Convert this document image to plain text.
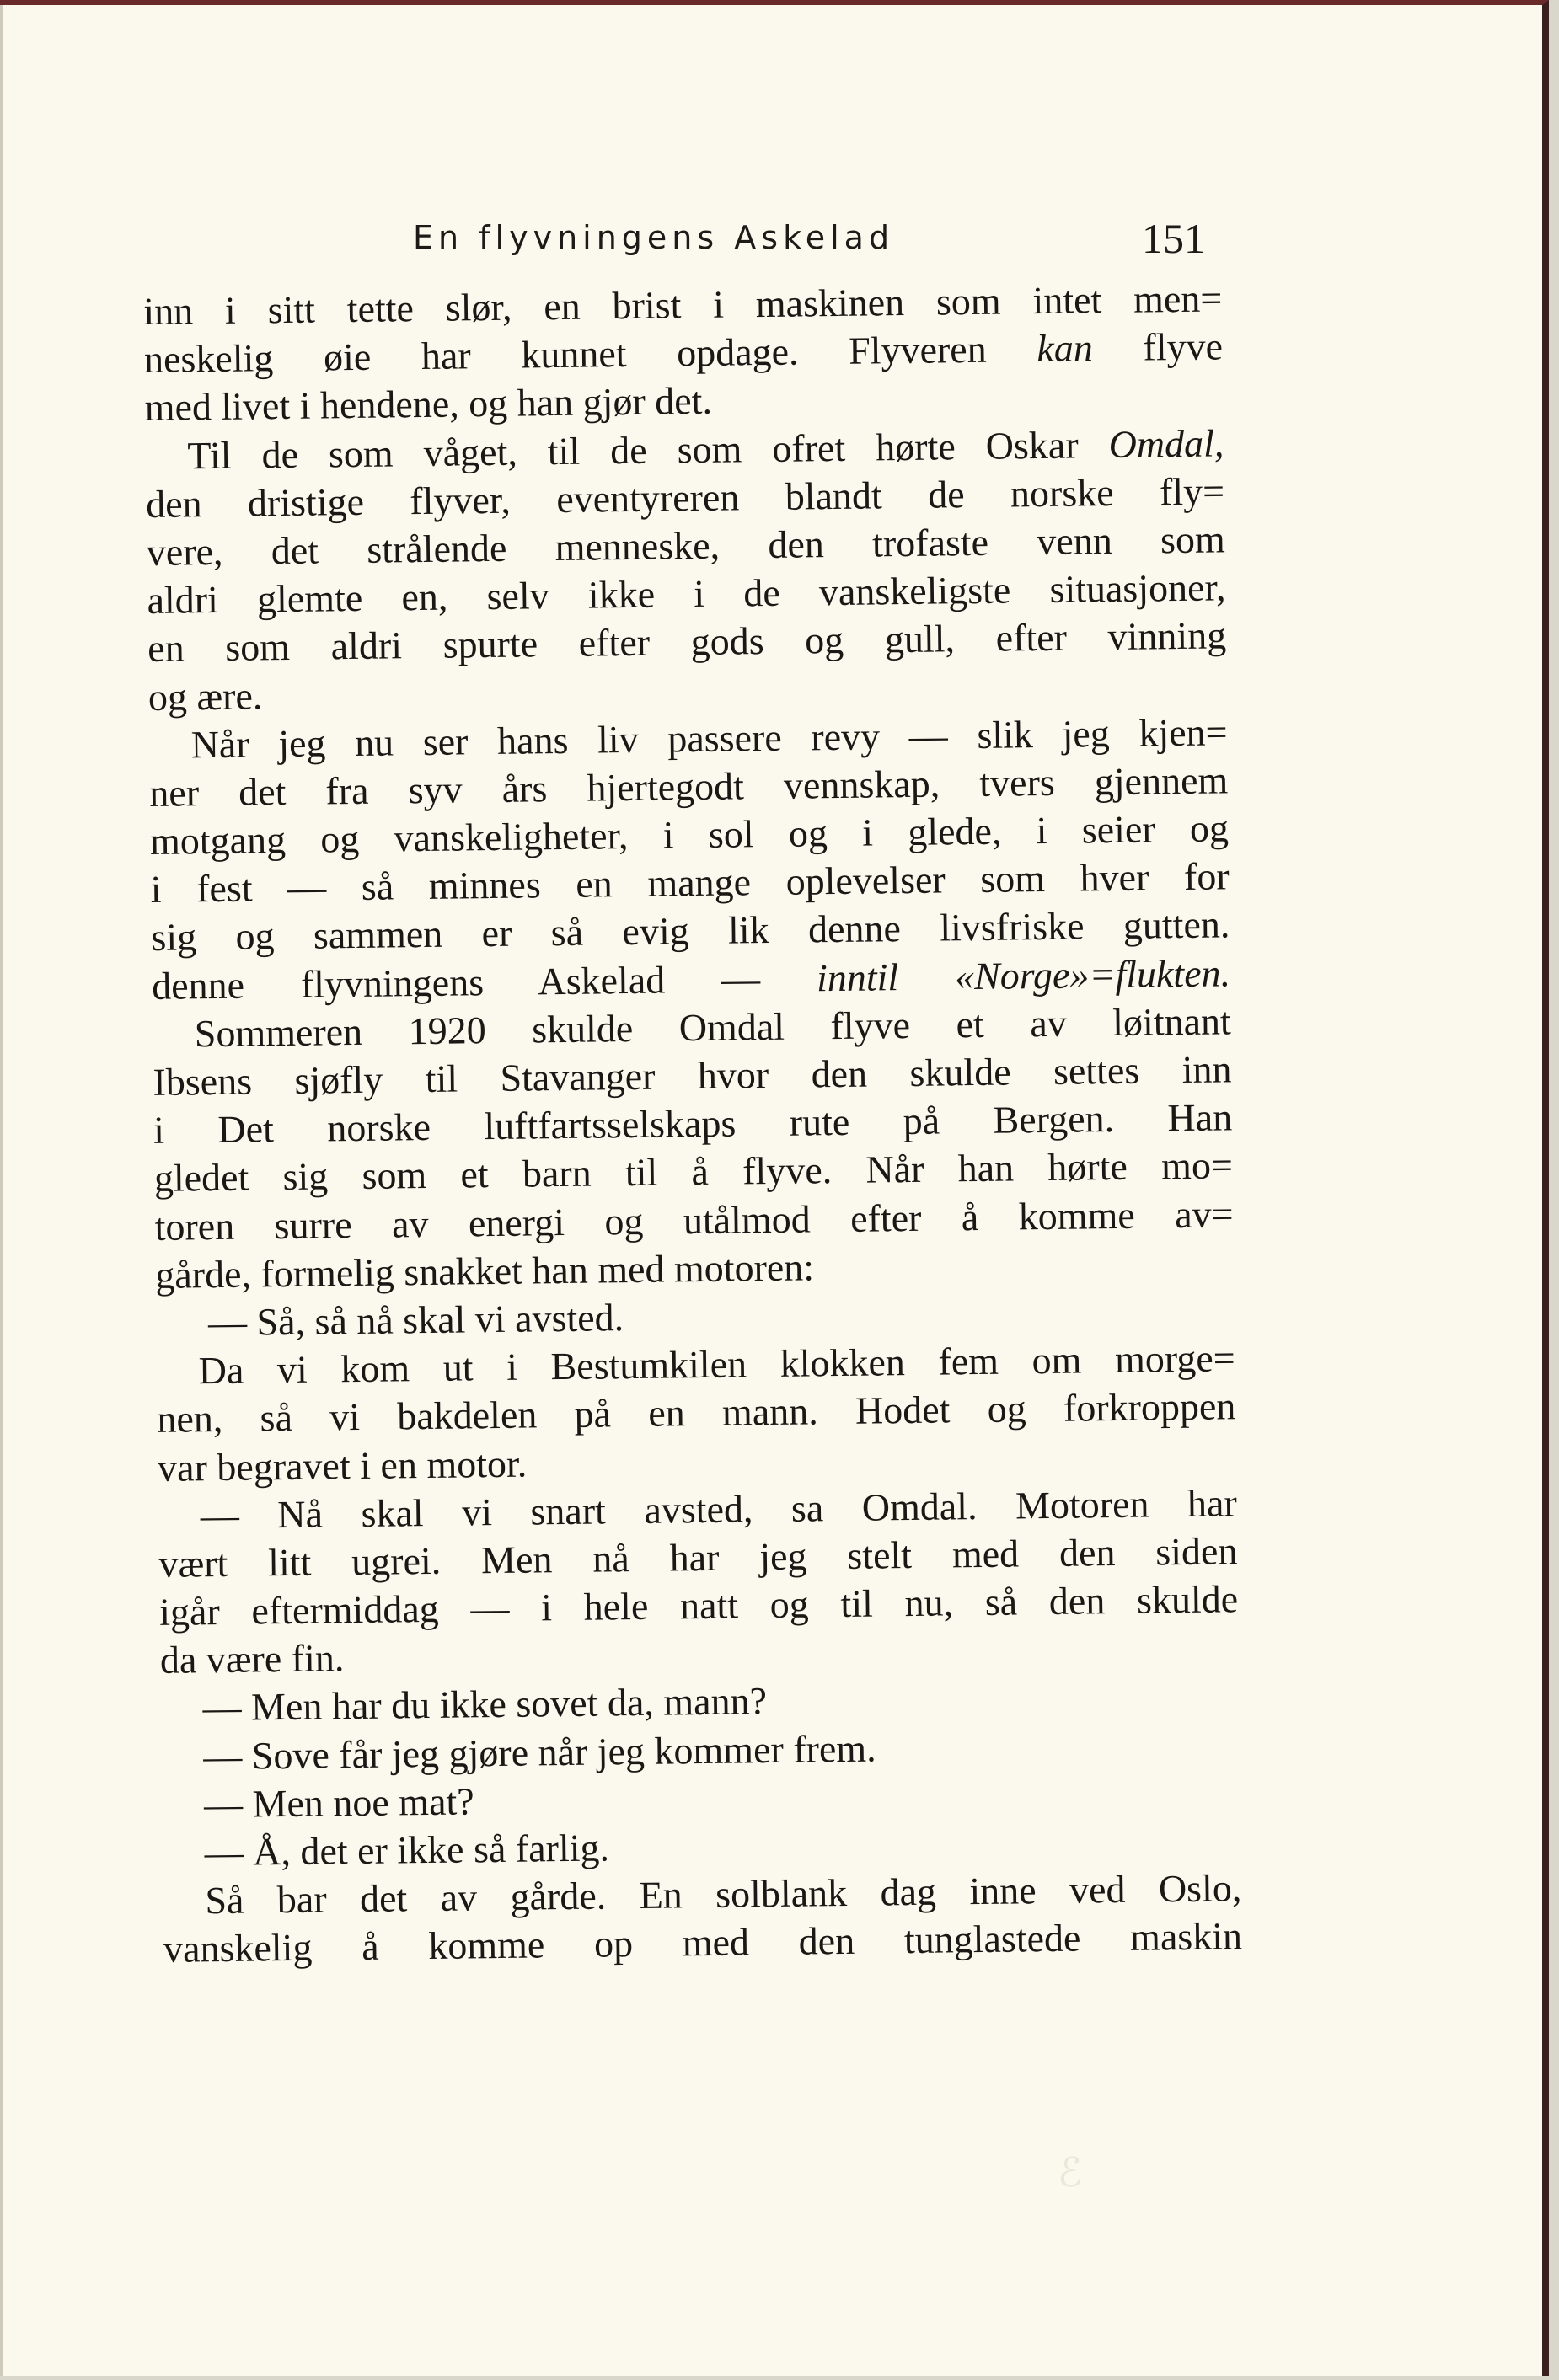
En flyvningens Askelad	151
inn i sitt tette slør, en brist i maskinen som intet men=
neskelig øie har kunnet opdage. Flyveren kan flyve
med livet i hendene, og han gjør det.
Til de som våget, til de som ofret hørte Oskar Omdal,
den dristige flyver, eventyreren blandt de norske fly=
vere, det strålende menneske, den trofaste venn som
aldri glemte en, selv ikke i de vanskeligste situasjoner,
en som aldri spurte efter gods og gull, efter vinning
og ære.
Når jeg nu ser hans liv passere revy — slik jeg kjen=
ner det fra syv års hjertegodt vennskap, tvers gjennem
motgang og vanskeligheter, i sol og i glede, i seier og
i fest — så minnes en mange oplevelser som hver for
sig og sammen er så evig lik denne livsfriske gutten.
denne flyvningens Askelad — inntil «Norge»=flukten.
Sommeren 1920 skulde Omdal flyve et av løitnant
Ibsens sjøfly til Stavanger hvor den skulde settes inn
i Det norske luftfartsselskaps rute på Bergen. Han
gledet sig som et barn til å flyve. Når han hørte mo=
toren surre av energi og utålmod efter å komme av=
gårde, formelig snakket han med motoren:
— Så, så nå skal vi avsted.
Da vi kom ut i Bestumkilen klokken fem om morge=
nen, så vi bakdelen på en mann. Hodet og forkroppen
var begravet i en motor.
— Nå skal vi snart avsted, sa Omdal. Motoren har
vært litt ugrei. Men nå har jeg stelt med den siden
igår eftermiddag — i hele natt og til nu, så den skulde
da være fin.
— Men har du ikke sovet da, mann?
— Sove får jeg gjøre når jeg kommer frem.
— Men noe mat?
— Å, det er ikke så farlig.
Så bar det av gårde. En solblank dag inne ved Oslo,
vanskelig å komme op med den tunglastede maskin
ℰ
